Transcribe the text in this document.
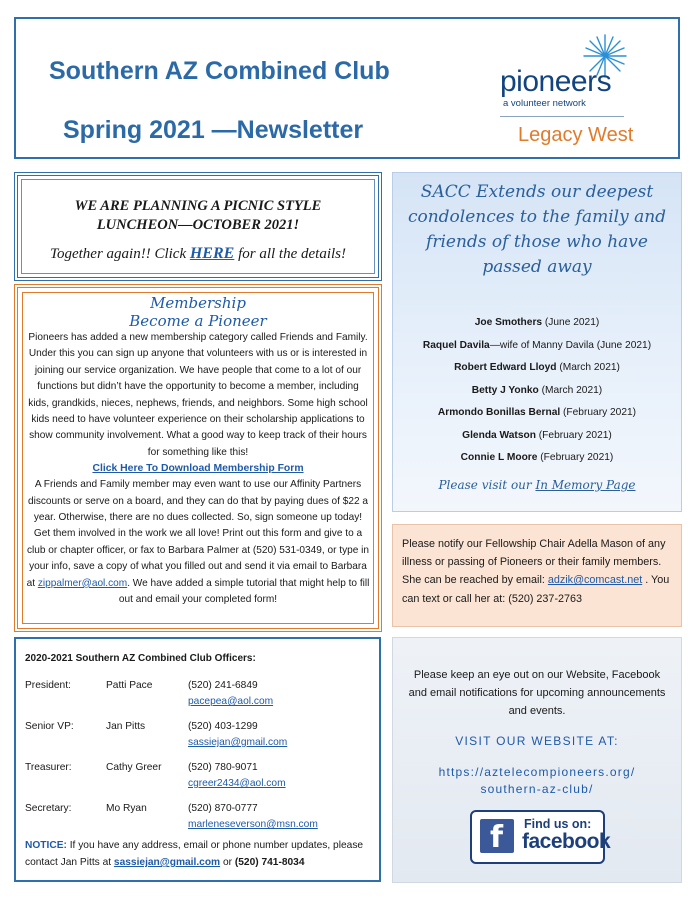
Southern AZ Combined Club
Spring 2021 —Newsletter
pioneers
a volunteer network
Legacy West
WE ARE PLANNING A PICNIC STYLE LUNCHEON—OCTOBER 2021!
Together again!! Click HERE for all the details!
Membership
Become a Pioneer
Pioneers has added a new membership category called Friends and Family. Under this you can sign up anyone that volunteers with us or is interested in joining our service organization. We have people that come to a lot of our functions but didn’t have the opportunity to become a member, including kids, grandkids, nieces, nephews, friends, and neighbors. Some high school kids need to have volunteer experience on their scholarship applications to show community involvement. What a good way to keep track of their hours for something like this!
Click Here To Download Membership Form
A Friends and Family member may even want to use our Affinity Partners discounts or serve on a board, and they can do that by paying dues of $22 a year. Otherwise, there are no dues collected. So, sign someone up today! Get them involved in the work we all love! Print out this form and give to a club or chapter officer, or fax to Barbara Palmer at (520) 531-0349, or type in your info, save a copy of what you filled out and send it via email to Barbara at zippalmer@aol.com. We have added a simple tutorial that might help to fill out and email your completed form!
2020-2021 Southern AZ Combined Club Officers:
President:	Patti Pace	(520) 241-6849
pacepea@aol.com
Senior VP:	Jan Pitts	(520) 403-1299
sassiejan@gmail.com
Treasurer:	Cathy Greer	(520) 780-9071
cgreer2434@aol.com
Secretary:	Mo Ryan	(520) 870-0777
marleneseverson@msn.com
NOTICE: If you have any address, email or phone number updates, please contact Jan Pitts at sassiejan@gmail.com or (520) 741-8034
SACC Extends our deepest condolences to the family and friends of those who have passed away
Joe Smothers (June 2021)
Raquel Davila—wife of Manny Davila (June 2021)
Robert Edward Lloyd (March 2021)
Betty J Yonko (March 2021)
Armondo Bonillas Bernal (February 2021)
Glenda Watson (February 2021)
Connie L Moore (February 2021)
Please visit our In Memory Page
Please notify our Fellowship Chair Adella Mason of any illness or passing of Pioneers or their family members. She can be reached by email: adzik@comcast.net . You can text or call her at: (520) 237-2763
Please keep an eye out on our Website, Facebook and email notifications for upcoming announcements and events.
VISIT OUR WEBSITE AT:
https://aztelecompioneers.org/
southern-az-club/
f Find us on:
facebook
